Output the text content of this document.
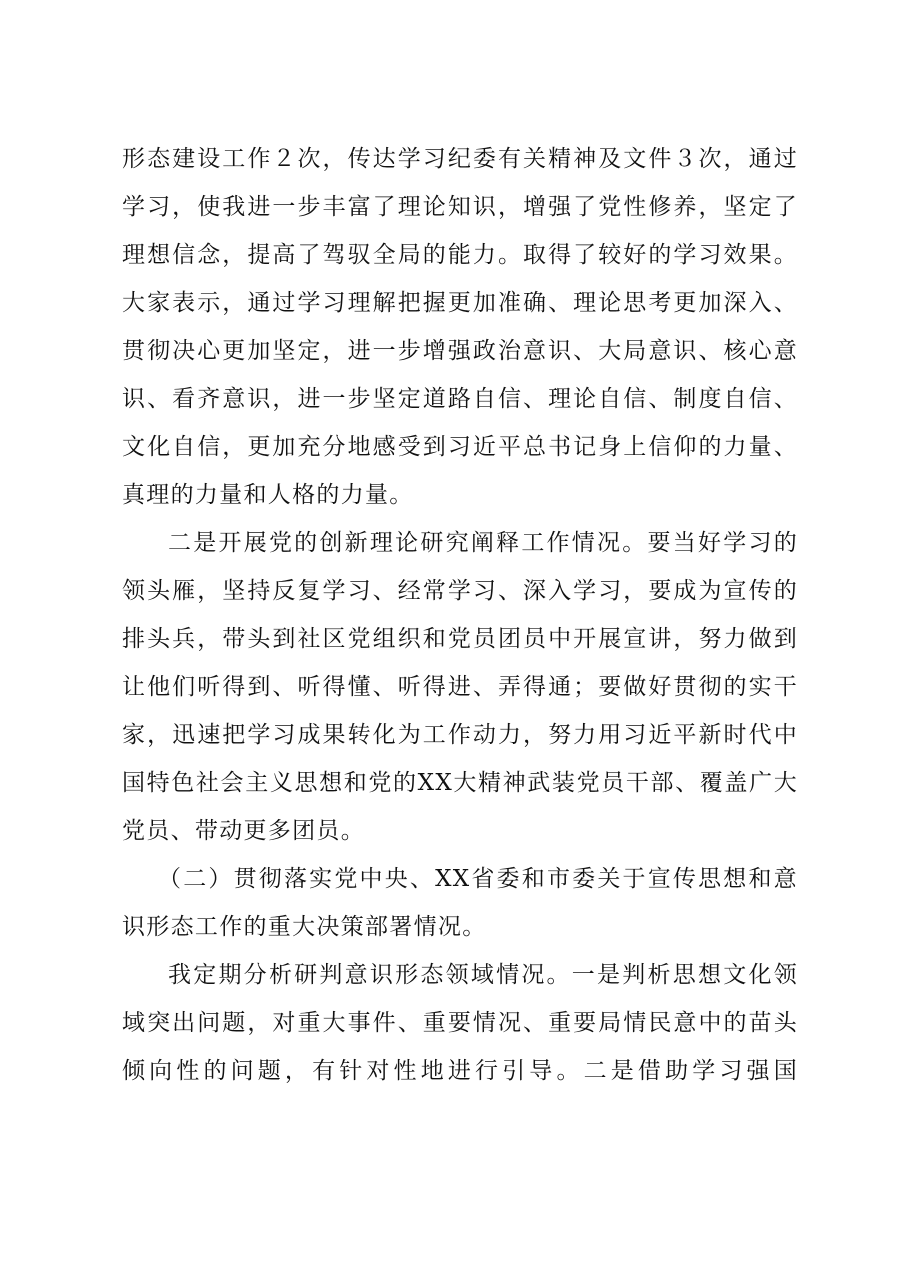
形态建设工作２次，传达学习纪委有关精神及文件３次，通过
学习，使我进一步丰富了理论知识，增强了党性修养，坚定了
理想信念，提高了驾驭全局的能力。取得了较好的学习效果。
大家表示，通过学习理解把握更加准确、理论思考更加深入、
贯彻决心更加坚定，进一步增强政治意识、大局意识、核心意
识、看齐意识，进一步坚定道路自信、理论自信、制度自信、
文化自信，更加充分地感受到习近平总书记身上信仰的力量、
真理的力量和人格的力量。
二是开展党的创新理论研究阐释工作情况。要当好学习的
领头雁，坚持反复学习、经常学习、深入学习，要成为宣传的
排头兵，带头到社区党组织和党员团员中开展宣讲，努力做到
让他们听得到、听得懂、听得进、弄得通；要做好贯彻的实干
家，迅速把学习成果转化为工作动力，努力用习近平新时代中
国特色社会主义思想和党的XX大精神武装党员干部、覆盖广大
党员、带动更多团员。
（二）贯彻落实党中央、XX省委和市委关于宣传思想和意
识形态工作的重大决策部署情况。
我定期分析研判意识形态领域情况。一是判析思想文化领
域突出问题，对重大事件、重要情况、重要局情民意中的苗头
倾向性的问题，有针对性地进行引导。二是借助学习强国
